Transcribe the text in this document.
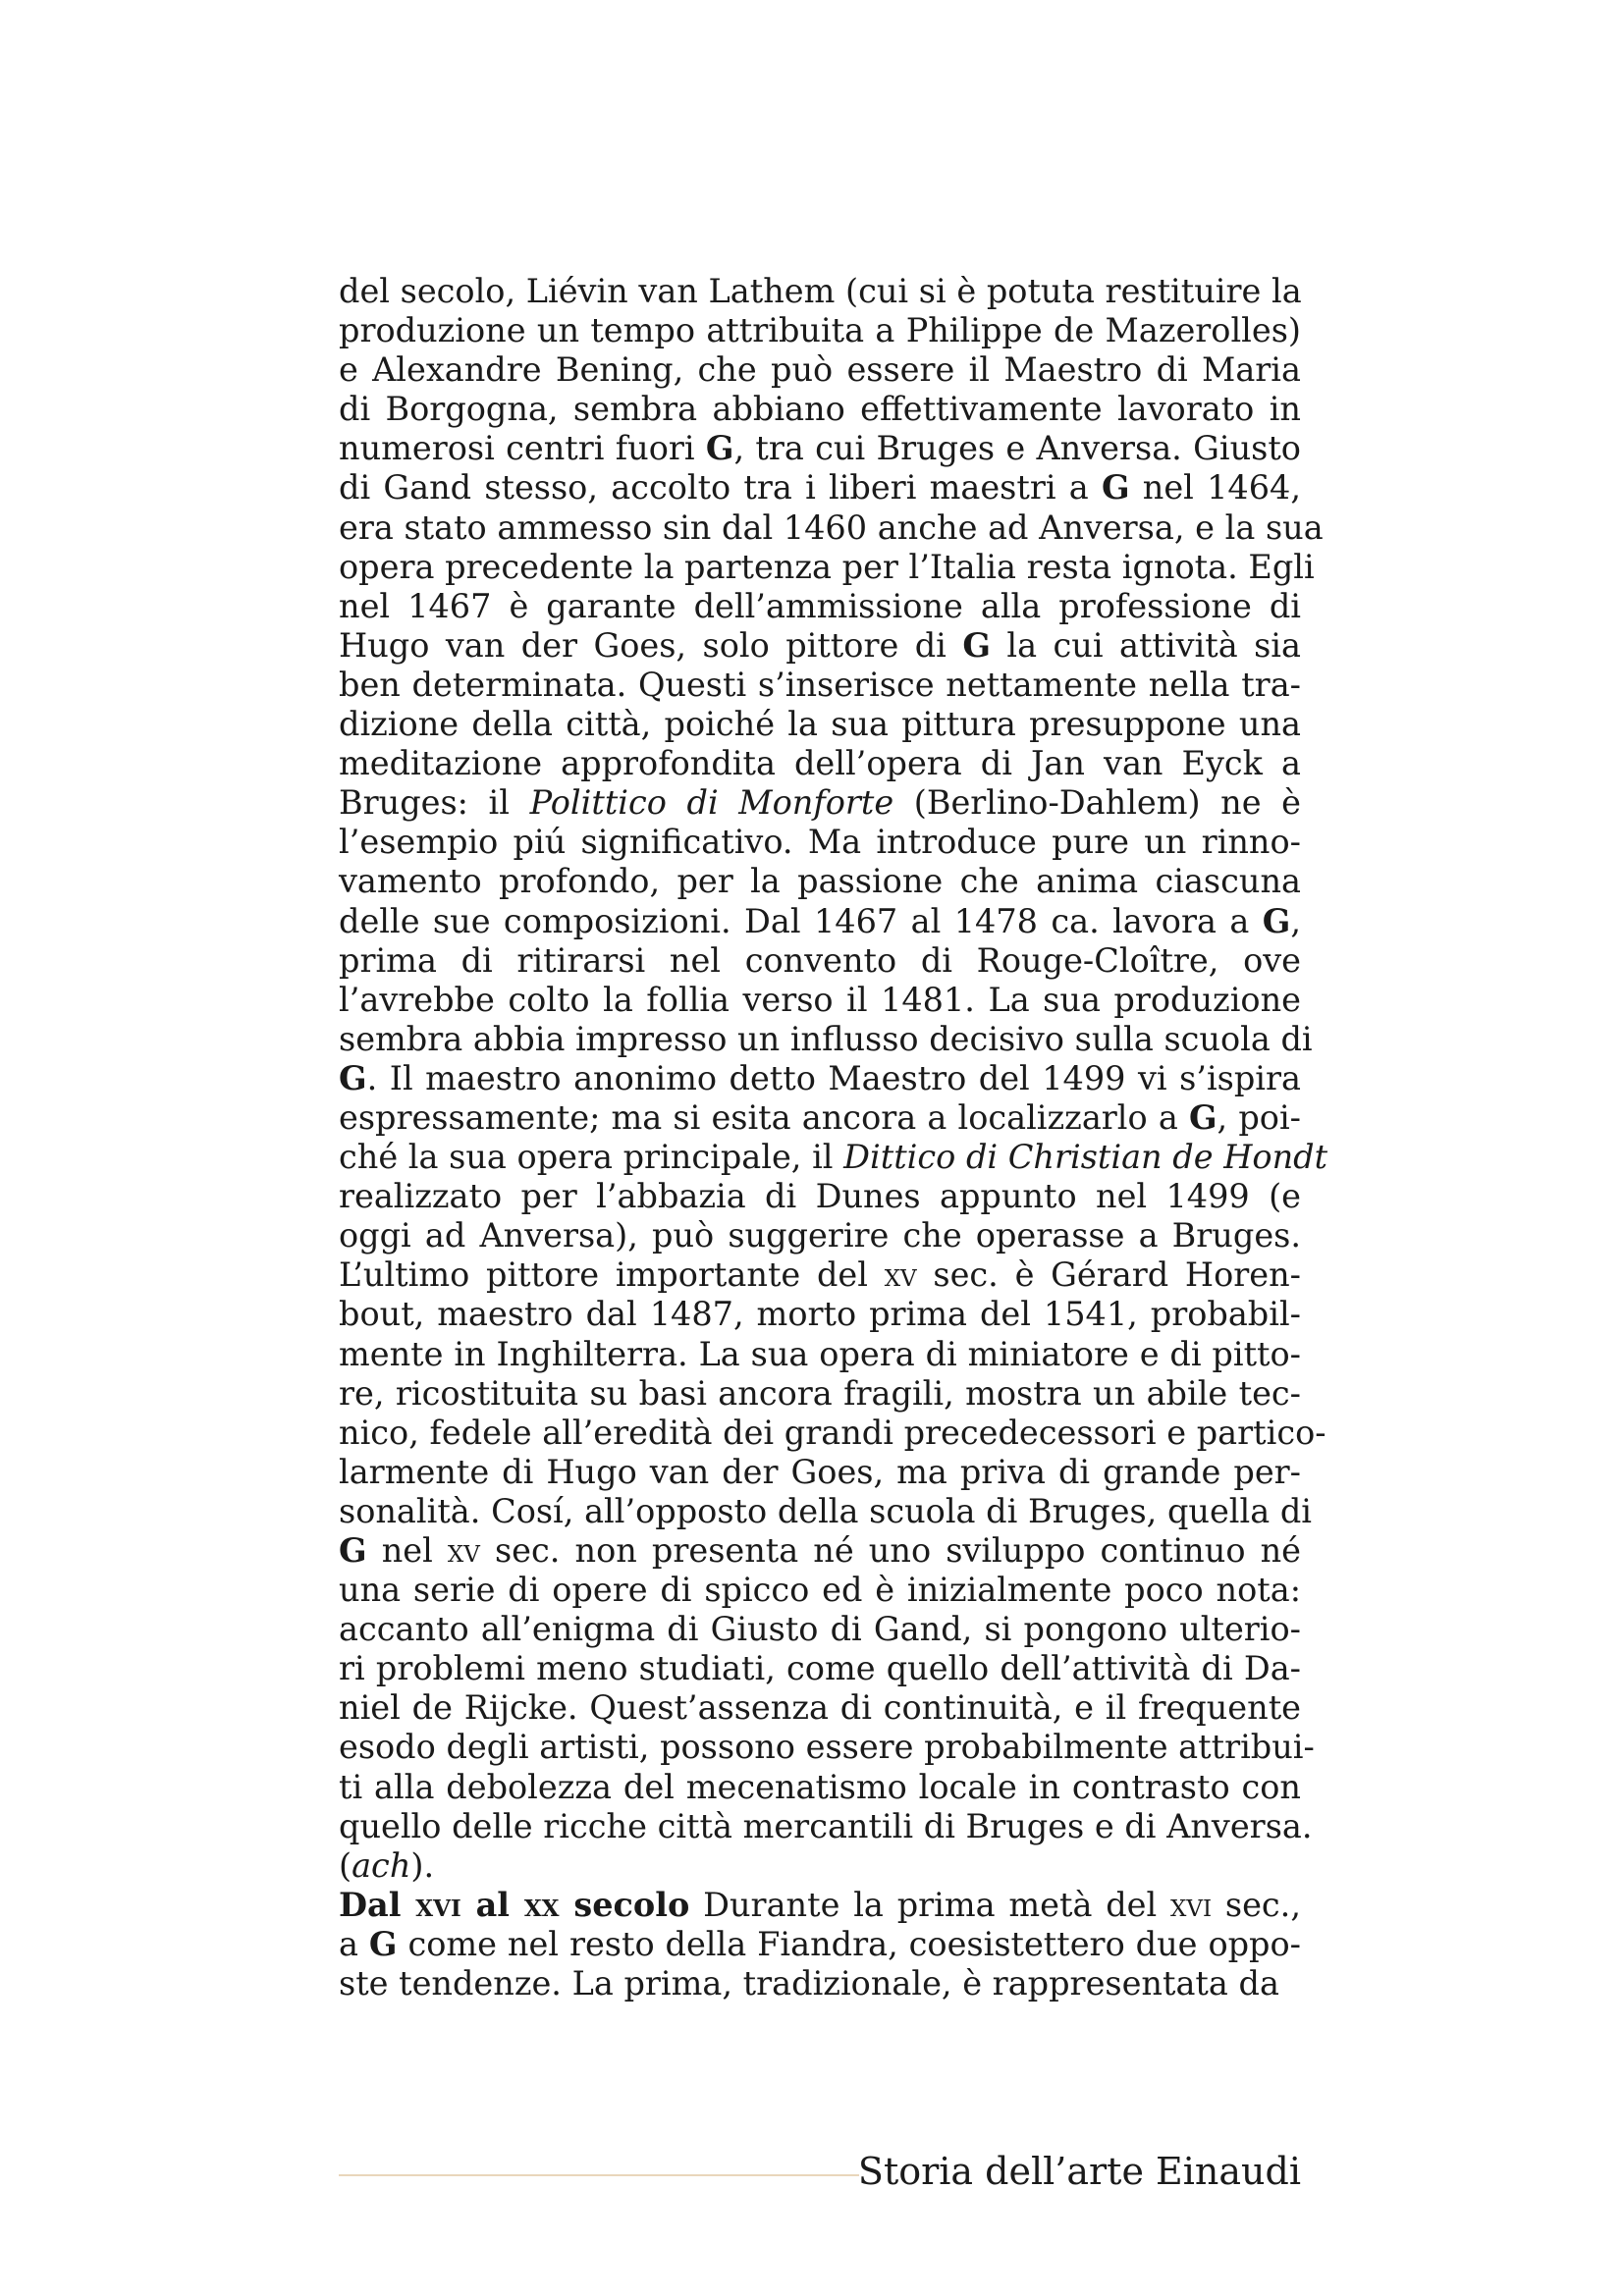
del secolo, Liévin van Lathem (cui si è potuta restituire la
produzione un tempo attribuita a Philippe de Mazerolles)
e Alexandre Bening, che può essere il Maestro di Maria
di Borgogna, sembra abbiano effettivamente lavorato in
numerosi centri fuori G, tra cui Bruges e Anversa. Giusto
di Gand stesso, accolto tra i liberi maestri a G nel 1464,
era stato ammesso sin dal 1460 anche ad Anversa, e la sua
opera precedente la partenza per l’Italia resta ignota. Egli
nel 1467 è garante dell’ammissione alla professione di
Hugo van der Goes, solo pittore di G la cui attività sia
ben determinata. Questi s’inserisce nettamente nella tra-
dizione della città, poiché la sua pittura presuppone una
meditazione approfondita dell’opera di Jan van Eyck a
Bruges: il Polittico di Monforte (Berlino-Dahlem) ne è
l’esempio piú significativo. Ma introduce pure un rinno-
vamento profondo, per la passione che anima ciascuna
delle sue composizioni. Dal 1467 al 1478 ca. lavora a G,
prima di ritirarsi nel convento di Rouge-Cloître, ove
l’avrebbe colto la follia verso il 1481. La sua produzione
sembra abbia impresso un influsso decisivo sulla scuola di
G. Il maestro anonimo detto Maestro del 1499 vi s’ispira
espressamente; ma si esita ancora a localizzarlo a G, poi-
ché la sua opera principale, il Dittico di Christian de Hondt
realizzato per l’abbazia di Dunes appunto nel 1499 (e
oggi ad Anversa), può suggerire che operasse a Bruges.
L’ultimo pittore importante del xv sec. è Gérard Horen-
bout, maestro dal 1487, morto prima del 1541, probabil-
mente in Inghilterra. La sua opera di miniatore e di pitto-
re, ricostituita su basi ancora fragili, mostra un abile tec-
nico, fedele all’eredità dei grandi precedecessori e partico-
larmente di Hugo van der Goes, ma priva di grande per-
sonalità. Cosí, all’opposto della scuola di Bruges, quella di
G nel xv sec. non presenta né uno sviluppo continuo né
una serie di opere di spicco ed è inizialmente poco nota:
accanto all’enigma di Giusto di Gand, si pongono ulterio-
ri problemi meno studiati, come quello dell’attività di Da-
niel de Rijcke. Quest’assenza di continuità, e il frequente
esodo degli artisti, possono essere probabilmente attribui-
ti alla debolezza del mecenatismo locale in contrasto con
quello delle ricche città mercantili di Bruges e di Anversa.
(ach).
Dal xvi al xx secolo Durante la prima metà del xvi sec.,
a G come nel resto della Fiandra, coesistettero due oppo-
ste tendenze. La prima, tradizionale, è rappresentata da
Storia dell’arte Einaudi
